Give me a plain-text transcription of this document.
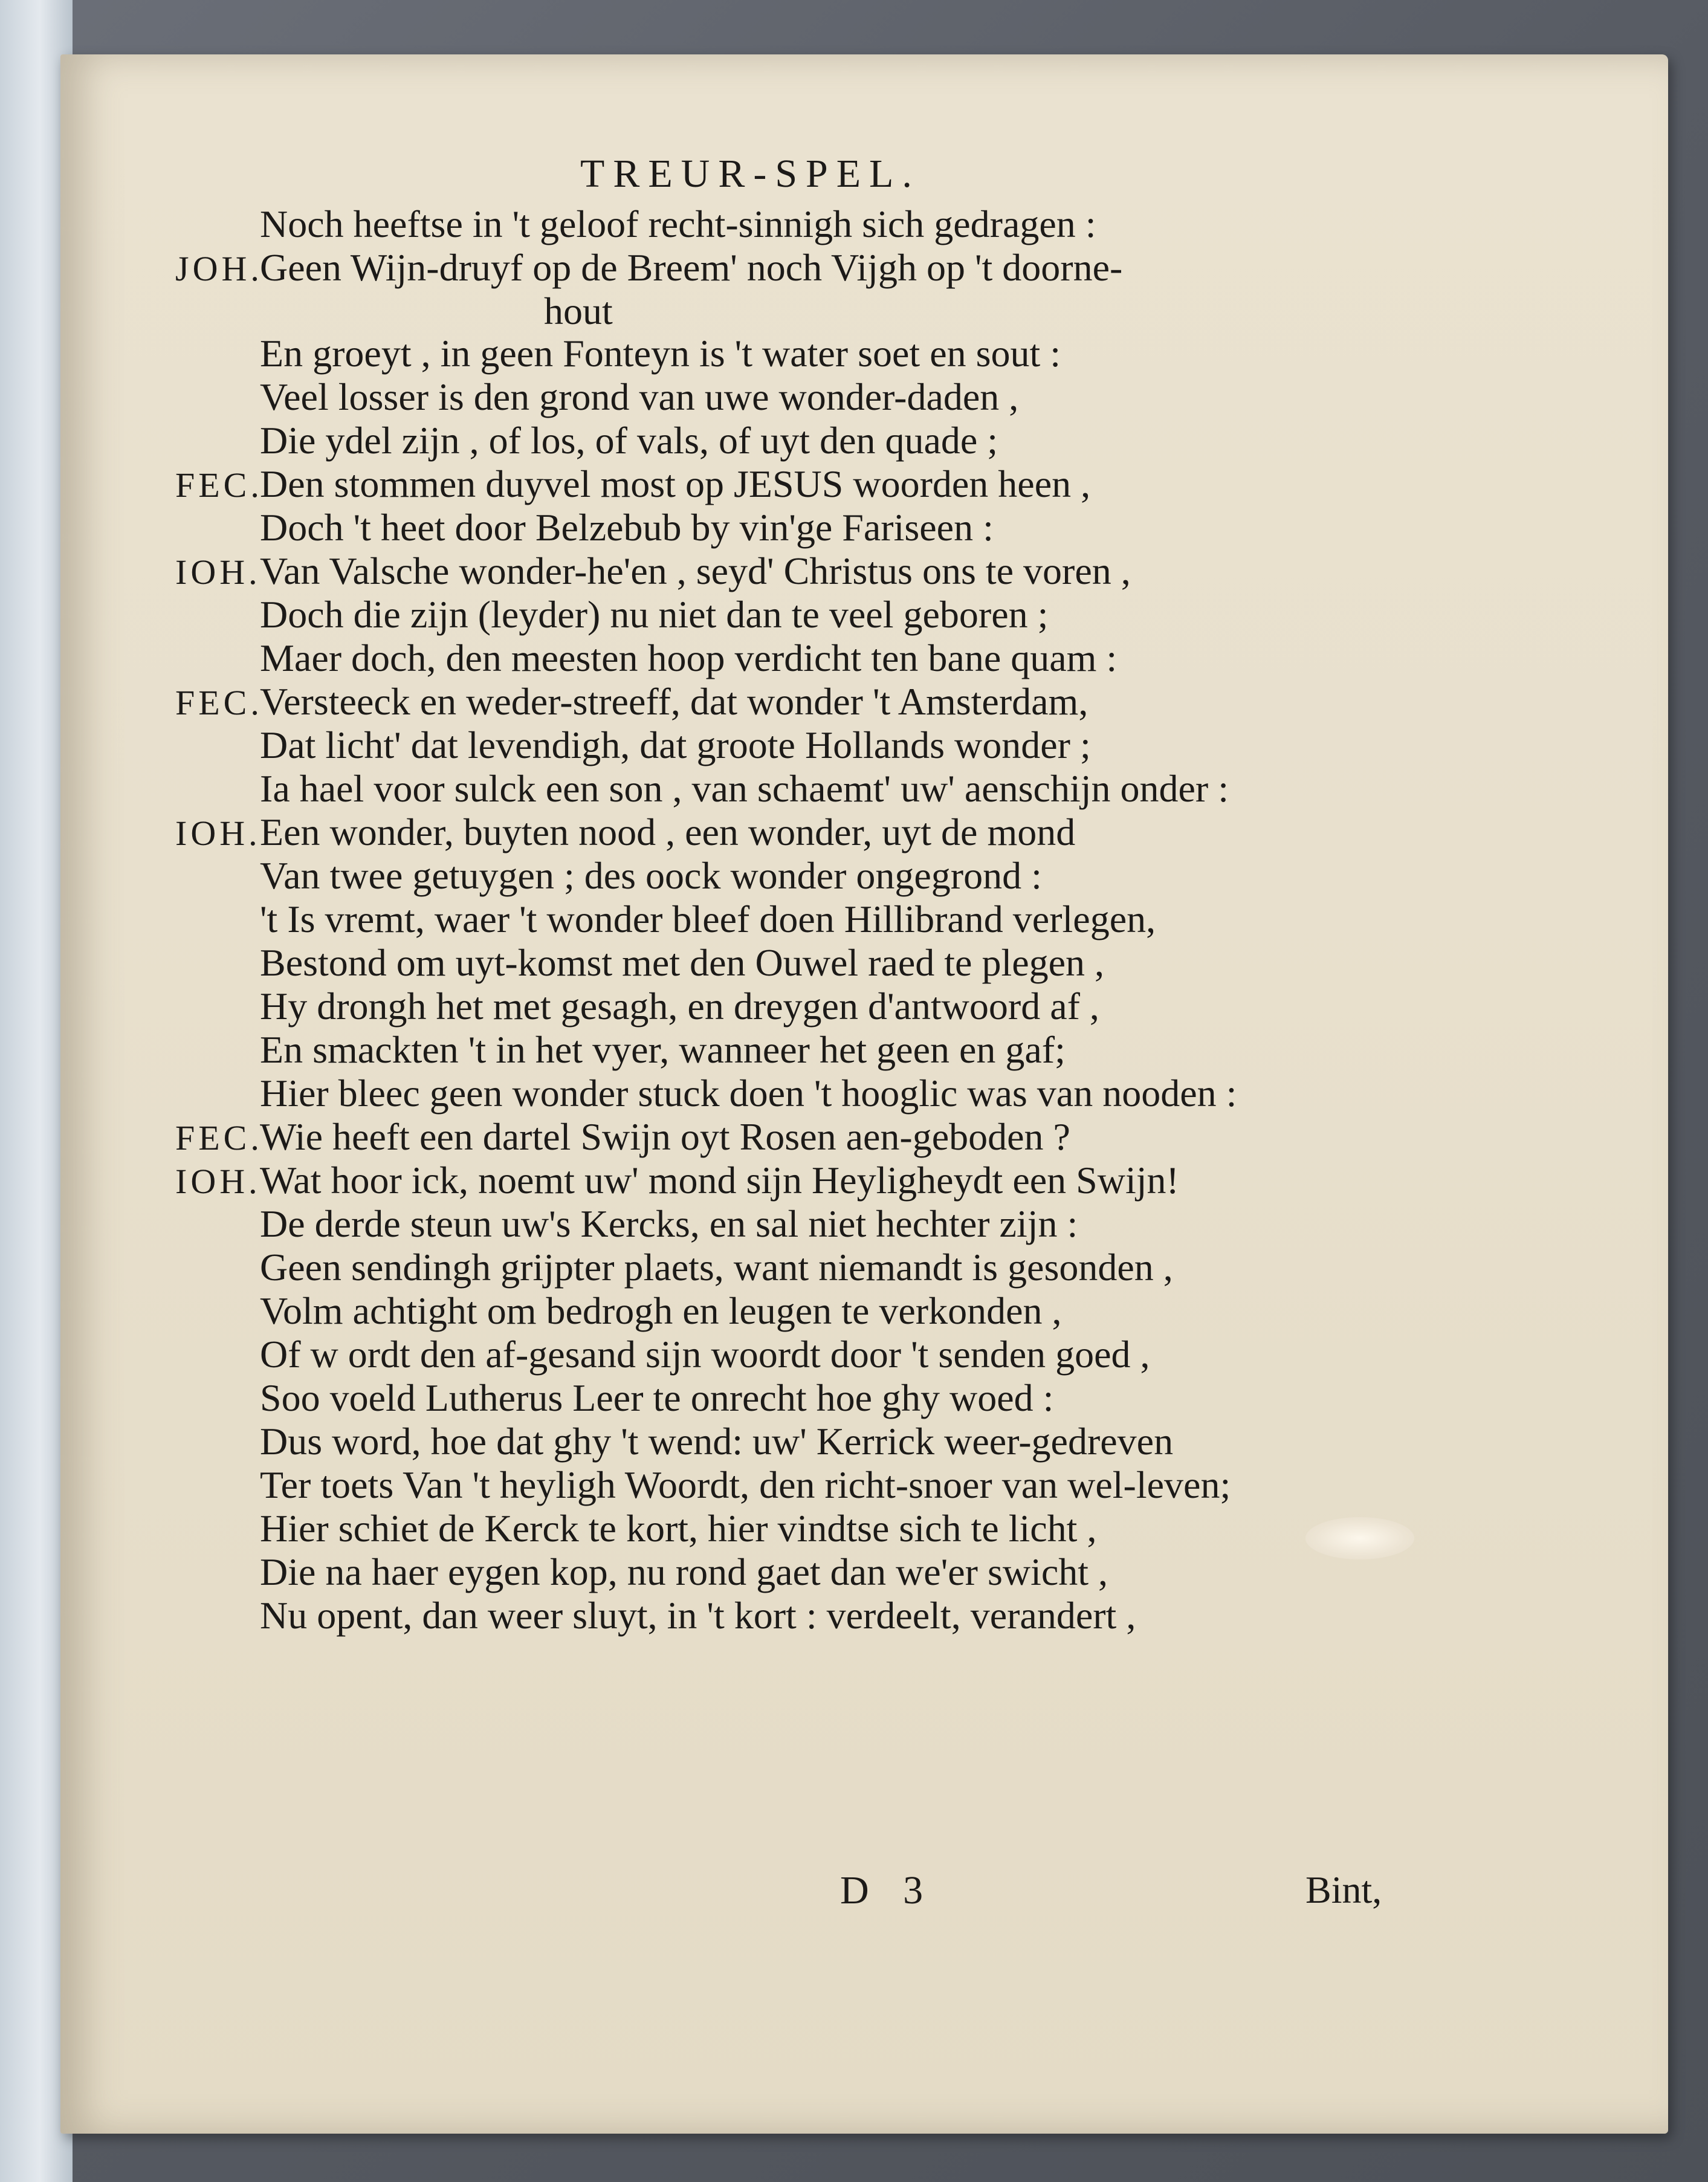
TREUR-SPEL.
Noch heeftse in 't geloof recht-sinnigh sich gedragen :
JOH.Geen Wijn-druyf op de Breem' noch Vijgh op 't doorne-
hout
En groeyt , in geen Fonteyn is 't water soet en sout :
Veel losser is den grond van uwe wonder-daden ,
Die ydel zijn , of los, of vals, of uyt den quade ;
FEC.Den stommen duyvel most op JESUS woorden heen ,
Doch 't heet door Belzebub by vin'ge Fariseen :
IOH.Van Valsche wonder-he'en , seyd' Christus ons te voren ,
Doch die zijn (leyder) nu niet dan te veel geboren ;
Maer doch, den meesten hoop verdicht ten bane quam :
FEC.Versteeck en weder-streeff, dat wonder 't Amsterdam,
Dat licht' dat levendigh, dat groote Hollands wonder ;
Ia hael voor sulck een son , van schaemt' uw' aenschijn onder :
IOH.Een wonder, buyten nood , een wonder, uyt de mond
Van twee getuygen ; des oock wonder ongegrond :
't Is vremt, waer 't wonder bleef doen Hillibrand verlegen,
Bestond om uyt-komst met den Ouwel raed te plegen ,
Hy drongh het met gesagh, en dreygen d'antwoord af ,
En smackten 't in het vyer, wanneer het geen en gaf;
Hier bleec geen wonder stuck doen 't hooglic was van nooden :
FEC.Wie heeft een dartel Swijn oyt Rosen aen-geboden ?
IOH.Wat hoor ick, noemt uw' mond sijn Heyligheydt een Swijn!
De derde steun uw's Kercks, en sal niet hechter zijn :
Geen sendingh grijpter plaets, want niemandt is gesonden ,
Volm achtight om bedrogh en leugen te verkonden ,
Of w ordt den af-gesand sijn woordt door 't senden goed ,
Soo voeld Lutherus Leer te onrecht hoe ghy woed :
Dus word, hoe dat ghy 't wend: uw' Kerrick weer-gedreven
Ter toets Van 't heyligh Woordt, den richt-snoer van wel-leven;
Hier schiet de Kerck te kort, hier vindtse sich te licht ,
Die na haer eygen kop, nu rond gaet dan we'er swicht ,
Nu opent, dan weer sluyt, in 't kort : verdeelt, verandert ,
D 3	Bint,
